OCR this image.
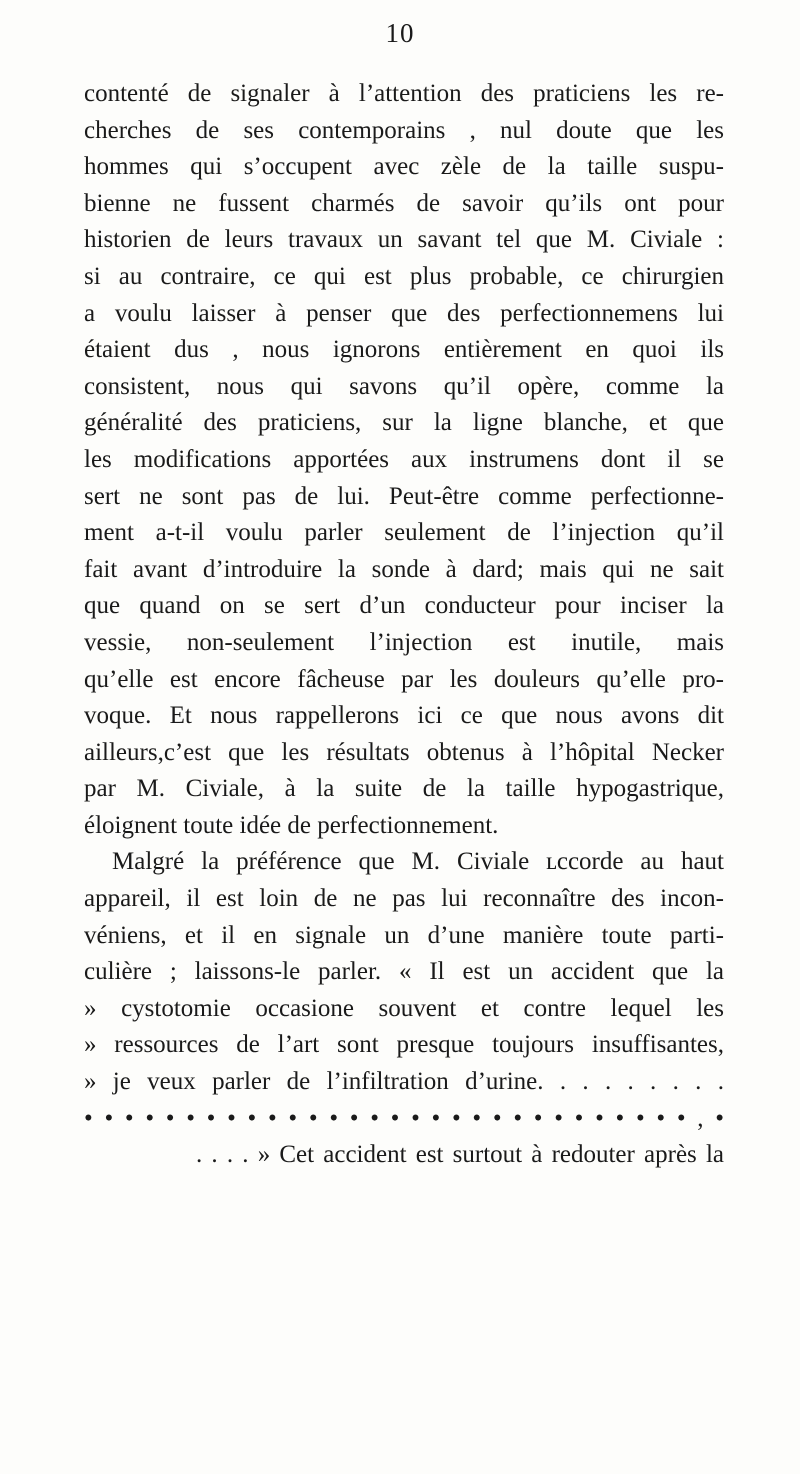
10
contenté de signaler à l’attention des praticiens les re-
cherches de ses contemporains , nul doute que les
hommes qui s’occupent avec zèle de la taille suspu-
bienne ne fussent charmés de savoir qu’ils ont pour
historien de leurs travaux un savant tel que M. Civiale :
si au contraire, ce qui est plus probable, ce chirurgien
a voulu laisser à penser que des perfectionnemens lui
étaient dus , nous ignorons entièrement en quoi ils
consistent, nous qui savons qu’il opère, comme la
généralité des praticiens, sur la ligne blanche, et que
les modifications apportées aux instrumens dont il se
sert ne sont pas de lui. Peut-être comme perfectionne-
ment a-t-il voulu parler seulement de l’injection qu’il
fait avant d’introduire la sonde à dard; mais qui ne sait
que quand on se sert d’un conducteur pour inciser la
vessie, non-seulement l’injection est inutile, mais
qu’elle est encore fâcheuse par les douleurs qu’elle pro-
voque. Et nous rappellerons ici ce que nous avons dit
ailleurs,c’est que les résultats obtenus à l’hôpital Necker
par M. Civiale, à la suite de la taille hypogastrique,
éloignent toute idée de perfectionnement.
Malgré la préférence que M. Civiale ʟccorde au haut
appareil, il est loin de ne pas lui reconnaître des incon-
véniens, et il en signale un d’une manière toute parti-
culière ; laissons-le parler. « Il est un accident que la
» cystotomie occasione souvent et contre lequel les
» ressources de l’art sont presque toujours insuffisantes,
» je veux parler de l’infiltration d’urine. . . . . . . . .
• • • • • • • • • • • • • • • • • • • • • • • • • • • • • • , •
. . . . » Cet accident est surtout à redouter après la
